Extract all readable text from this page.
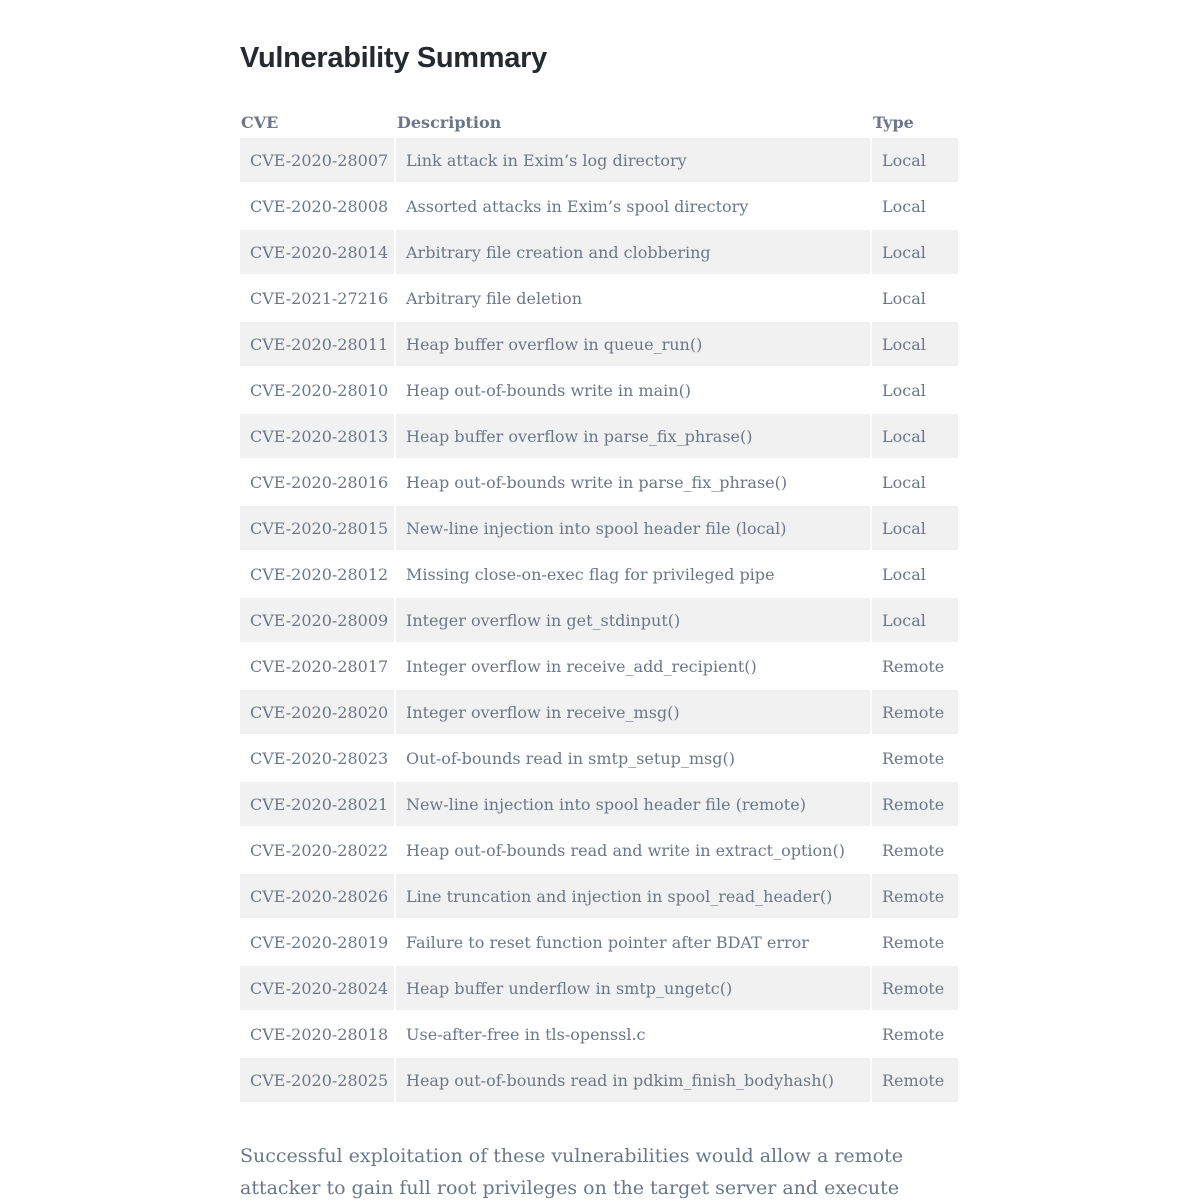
Vulnerability Summary
CVE	Description	Type
CVE-2020-28007	Link attack in Exim’s log directory	Local
CVE-2020-28008	Assorted attacks in Exim’s spool directory	Local
CVE-2020-28014	Arbitrary file creation and clobbering	Local
CVE-2021-27216	Arbitrary file deletion	Local
CVE-2020-28011	Heap buffer overflow in queue_run()	Local
CVE-2020-28010	Heap out-of-bounds write in main()	Local
CVE-2020-28013	Heap buffer overflow in parse_fix_phrase()	Local
CVE-2020-28016	Heap out-of-bounds write in parse_fix_phrase()	Local
CVE-2020-28015	New-line injection into spool header file (local)	Local
CVE-2020-28012	Missing close-on-exec flag for privileged pipe	Local
CVE-2020-28009	Integer overflow in get_stdinput()	Local
CVE-2020-28017	Integer overflow in receive_add_recipient()	Remote
CVE-2020-28020	Integer overflow in receive_msg()	Remote
CVE-2020-28023	Out-of-bounds read in smtp_setup_msg()	Remote
CVE-2020-28021	New-line injection into spool header file (remote)	Remote
CVE-2020-28022	Heap out-of-bounds read and write in extract_option()	Remote
CVE-2020-28026	Line truncation and injection in spool_read_header()	Remote
CVE-2020-28019	Failure to reset function pointer after BDAT error	Remote
CVE-2020-28024	Heap buffer underflow in smtp_ungetc()	Remote
CVE-2020-28018	Use-after-free in tls-openssl.c	Remote
CVE-2020-28025	Heap out-of-bounds read in pdkim_finish_bodyhash()	Remote

Successful exploitation of these vulnerabilities would allow a remote attacker to gain full root privileges on the target server and execute
